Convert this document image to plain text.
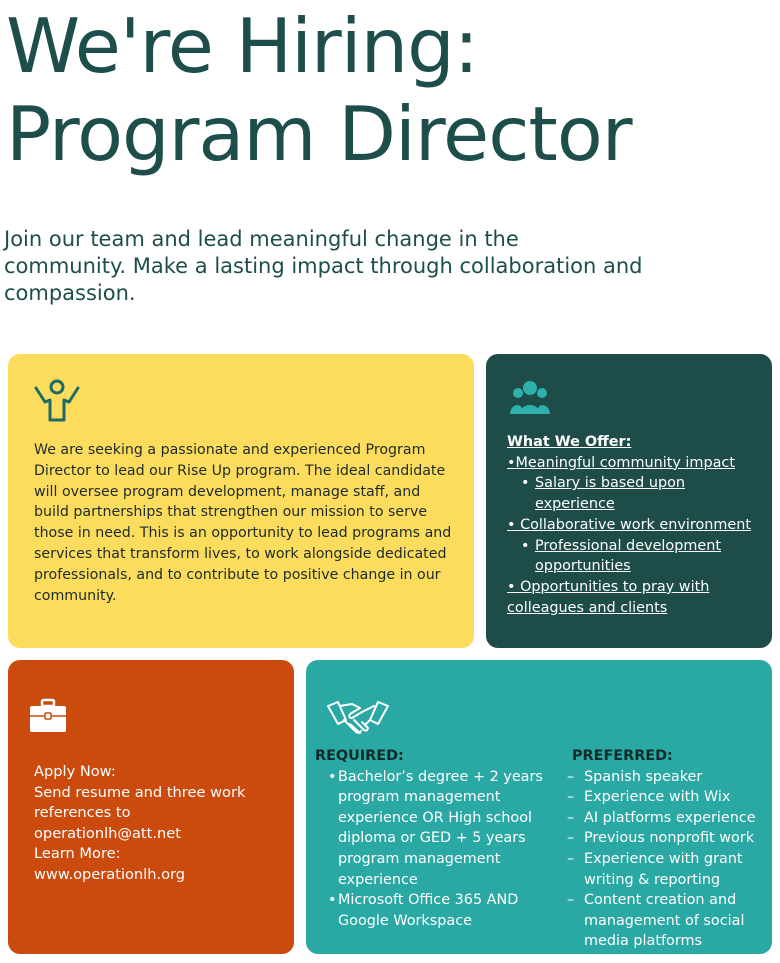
We're Hiring:
Program Director
Join our team and lead meaningful change in the community. Make a lasting impact through collaboration and compassion.
We are seeking a passionate and experienced Program Director to lead our Rise Up program. The ideal candidate will oversee program development, manage staff, and build partnerships that strengthen our mission to serve those in need. This is an opportunity to lead programs and services that transform lives, to work alongside dedicated professionals, and to contribute to positive change in our community.
What We Offer:
•Meaningful community impact
• Salary is based upon experience
• Collaborative work environment
• Professional development opportunities
• Opportunities to pray with colleagues and clients
Apply Now:
Send resume and three work references to
operationlh@att.net
Learn More:
www.operationlh.org
REQUIRED:
• Bachelor’s degree + 2 years program management experience OR High school diploma or GED + 5 years program management experience
• Microsoft Office 365 AND Google Workspace
PREFERRED:
– Spanish speaker
– Experience with Wix
– AI platforms experience
– Previous nonprofit work
– Experience with grant writing & reporting
– Content creation and management of social media platforms
